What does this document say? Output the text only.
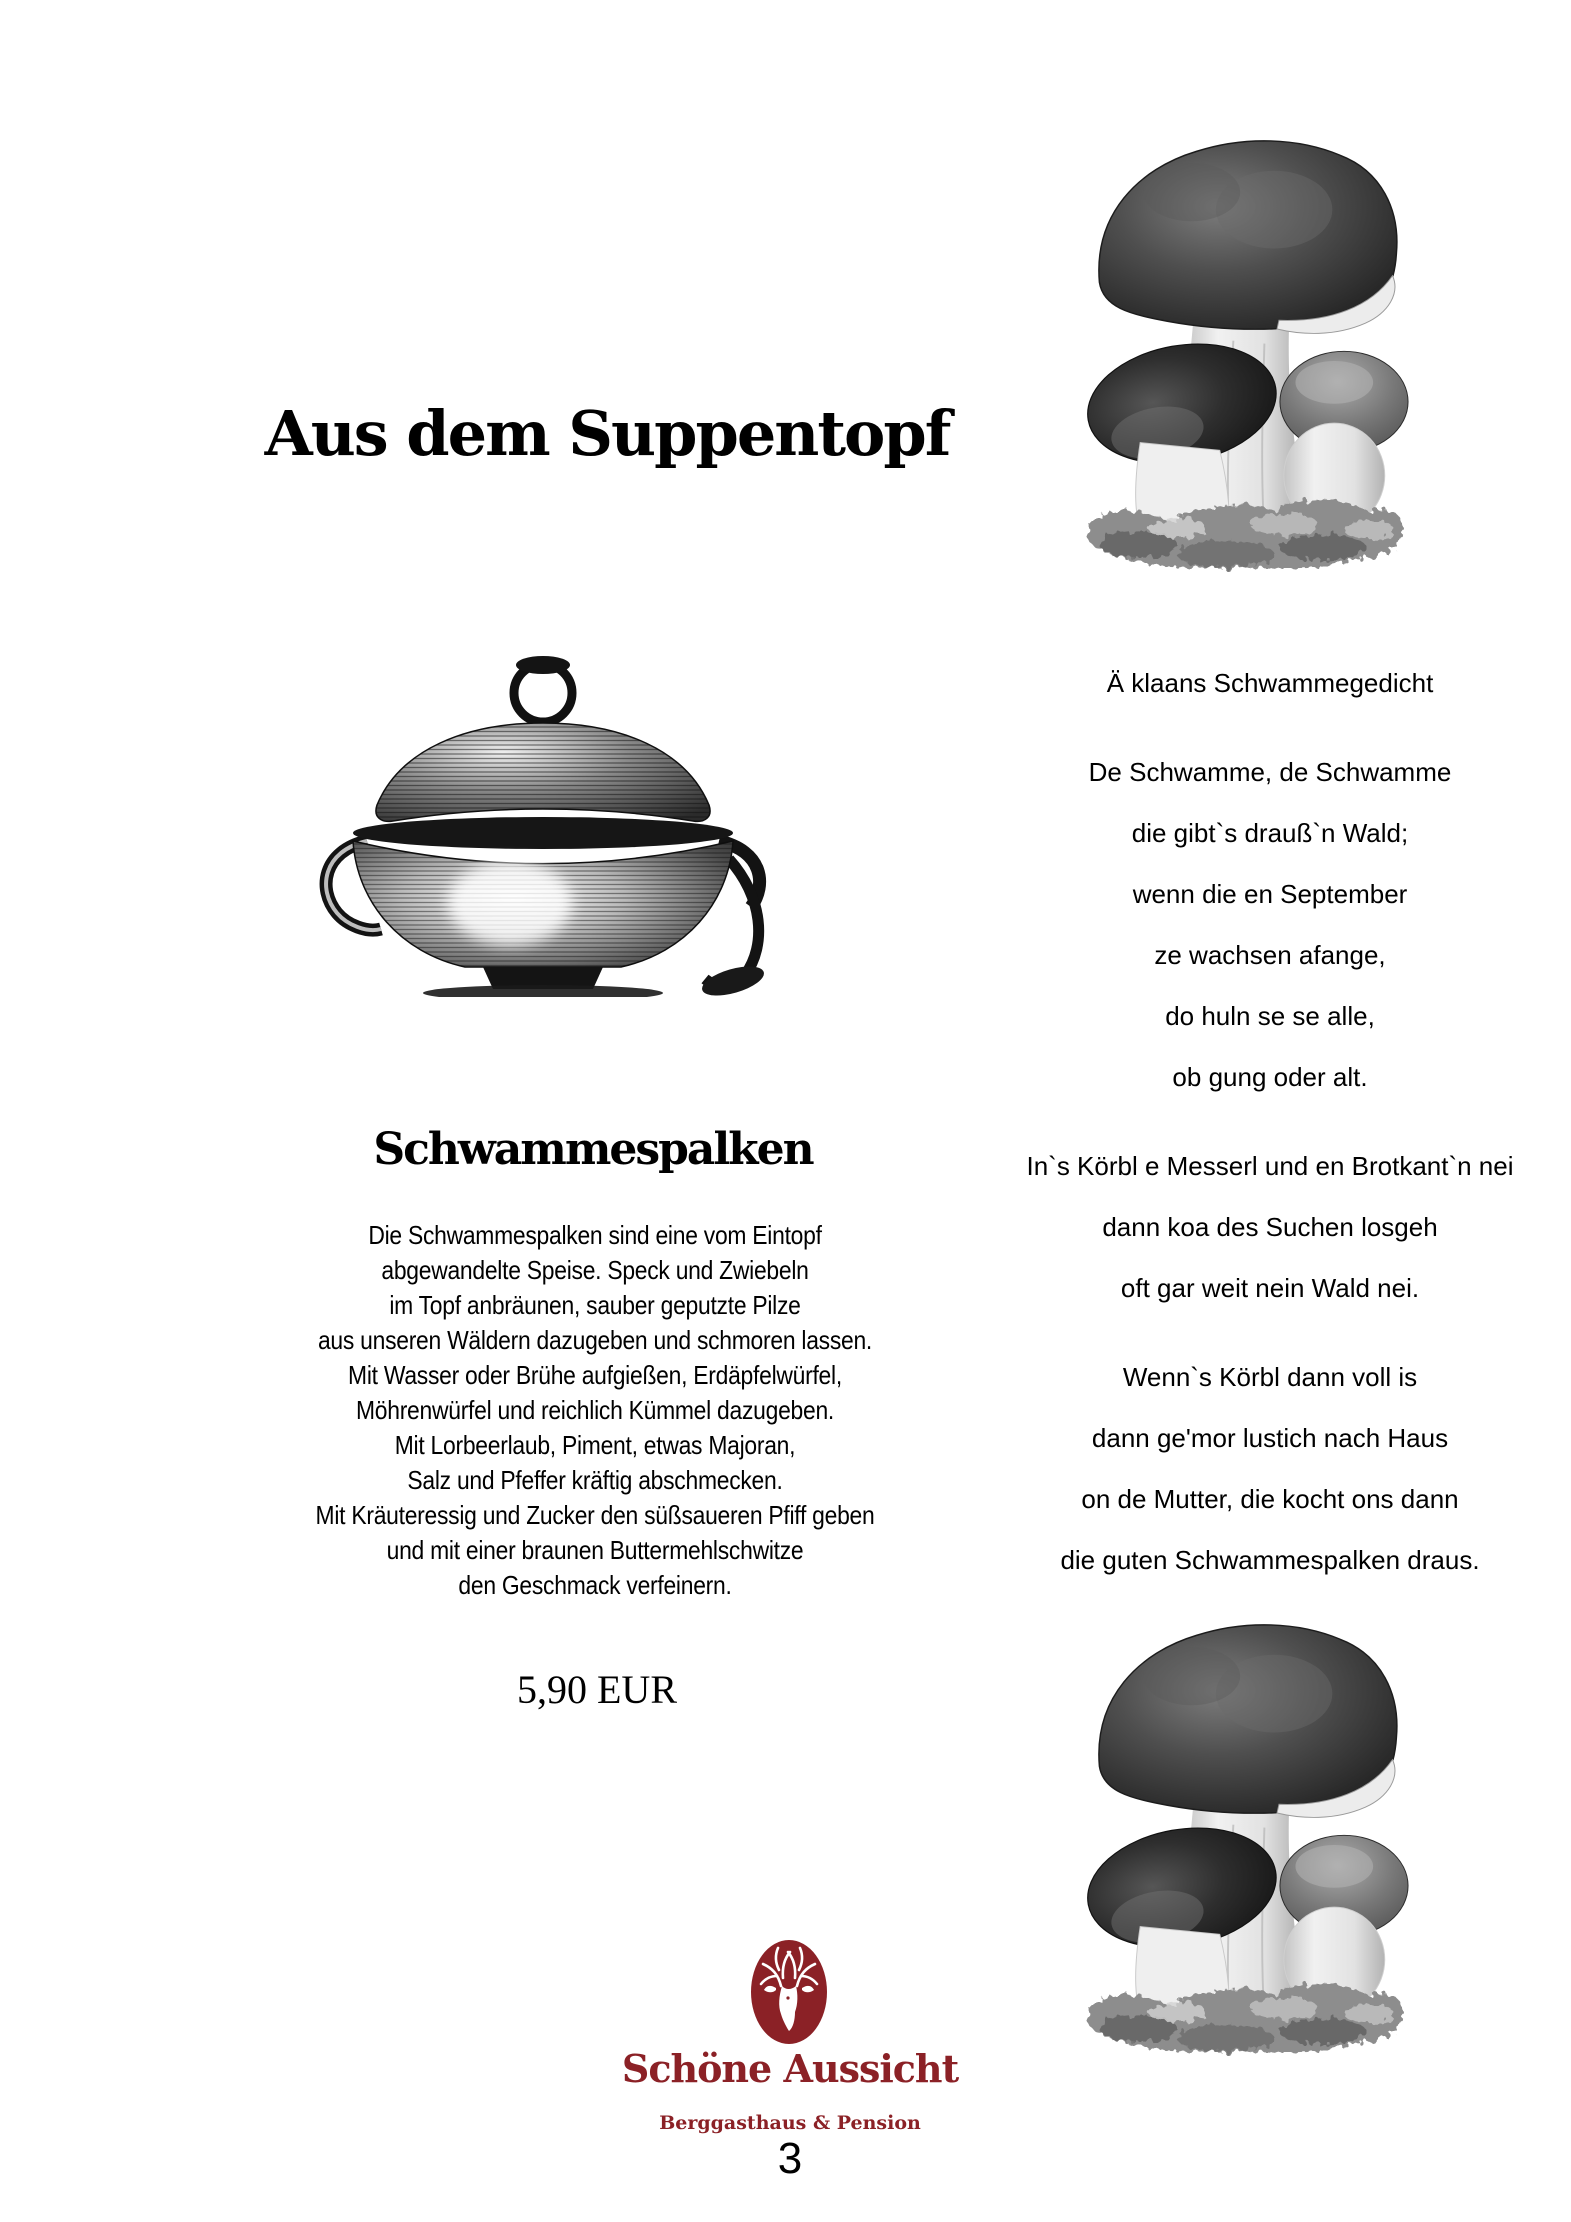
Aus dem Suppentopf
Ä klaans Schwammegedicht
De Schwamme, de Schwamme
die gibt`s drauß`n Wald;
wenn die en September
ze wachsen afange,
do huln se se alle,
ob gung oder alt.
In`s Körbl e Messerl und en Brotkant`n nei
dann koa des Suchen losgeh
oft gar weit nein Wald nei.
Wenn`s Körbl dann voll is
dann ge'mor lustich nach Haus
on de Mutter, die kocht ons dann
die guten Schwammespalken draus.
Schwammespalken
Die Schwammespalken sind eine vom Eintopf
abgewandelte Speise. Speck und Zwiebeln
im Topf anbräunen, sauber geputzte Pilze
aus unseren Wäldern dazugeben und schmoren lassen.
Mit Wasser oder Brühe aufgießen, Erdäpfelwürfel,
Möhrenwürfel und reichlich Kümmel dazugeben.
Mit Lorbeerlaub, Piment, etwas Majoran,
Salz und Pfeffer kräftig abschmecken.
Mit Kräuteressig und Zucker den süßsaueren Pfiff geben
und mit einer braunen Buttermehlschwitze
den Geschmack verfeinern.
5,90 EUR
Schöne Aussicht
Berggasthaus & Pension
3
